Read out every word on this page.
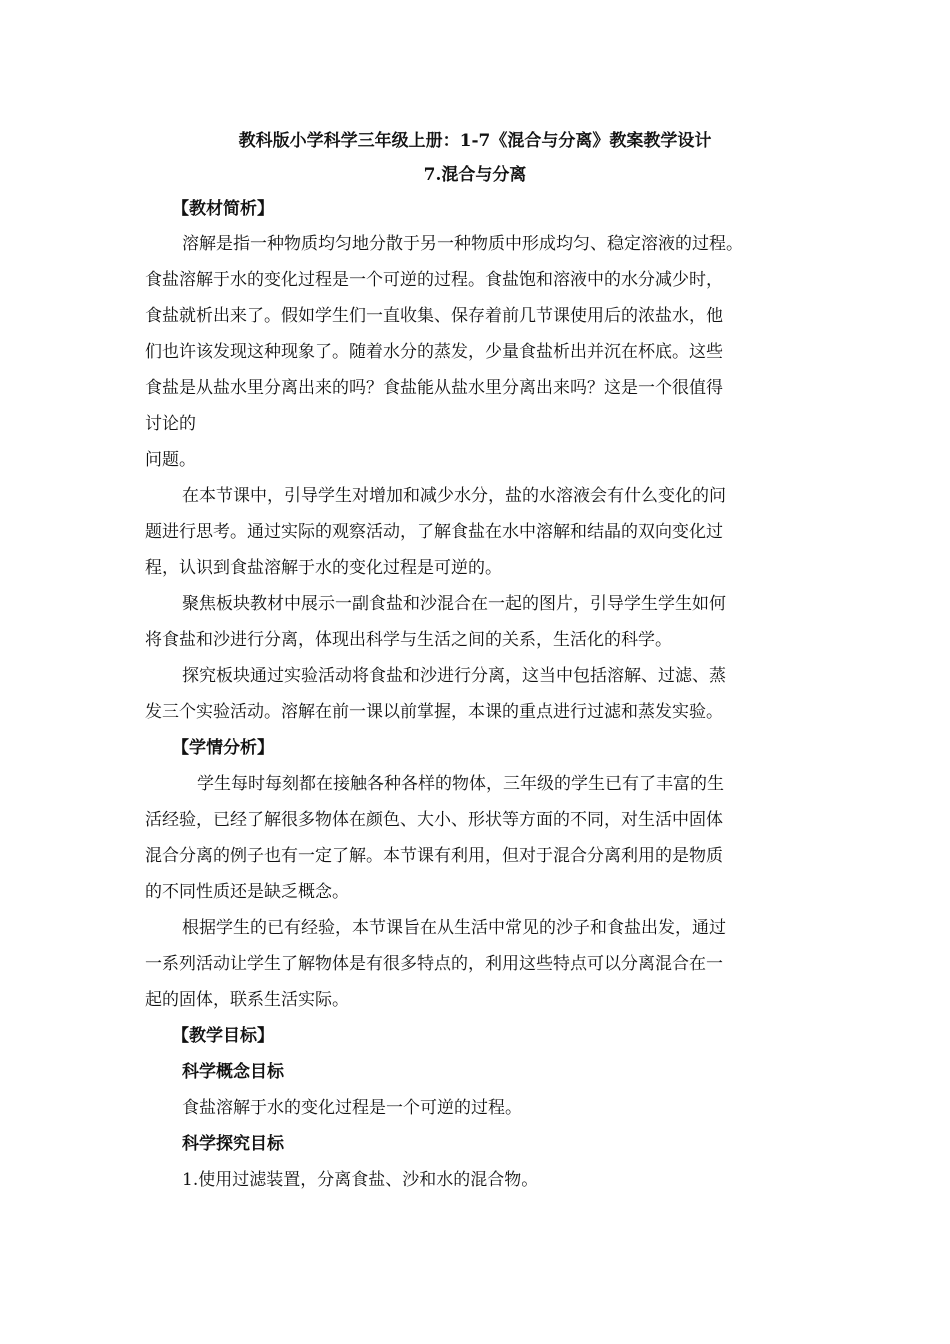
教科版小学科学三年级上册：1-7《混合与分离》教案教学设计
7.混合与分离
【教材简析】
溶解是指一种物质均匀地分散于另一种物质中形成均匀、稳定溶液的过程。
食盐溶解于水的变化过程是一个可逆的过程。食盐饱和溶液中的水分减少时，
食盐就析出来了。假如学生们一直收集、保存着前几节课使用后的浓盐水，他
们也许该发现这种现象了。随着水分的蒸发，少量食盐析出并沉在杯底。这些
食盐是从盐水里分离出来的吗？食盐能从盐水里分离出来吗？这是一个很值得
讨论的
问题。
在本节课中，引导学生对增加和减少水分，盐的水溶液会有什么变化的问
题进行思考。通过实际的观察活动，了解食盐在水中溶解和结晶的双向变化过
程，认识到食盐溶解于水的变化过程是可逆的。
聚焦板块教材中展示一副食盐和沙混合在一起的图片，引导学生学生如何
将食盐和沙进行分离，体现出科学与生活之间的关系，生活化的科学。
探究板块通过实验活动将食盐和沙进行分离，这当中包括溶解、过滤、蒸
发三个实验活动。溶解在前一课以前掌握，本课的重点进行过滤和蒸发实验。
【学情分析】
学生每时每刻都在接触各种各样的物体，三年级的学生已有了丰富的生
活经验，已经了解很多物体在颜色、大小、形状等方面的不同，对生活中固体
混合分离的例子也有一定了解。本节课有利用，但对于混合分离利用的是物质
的不同性质还是缺乏概念。
根据学生的已有经验，本节课旨在从生活中常见的沙子和食盐出发，通过
一系列活动让学生了解物体是有很多特点的，利用这些特点可以分离混合在一
起的固体，联系生活实际。
【教学目标】
科学概念目标
食盐溶解于水的变化过程是一个可逆的过程。
科学探究目标
1.使用过滤装置，分离食盐、沙和水的混合物。
